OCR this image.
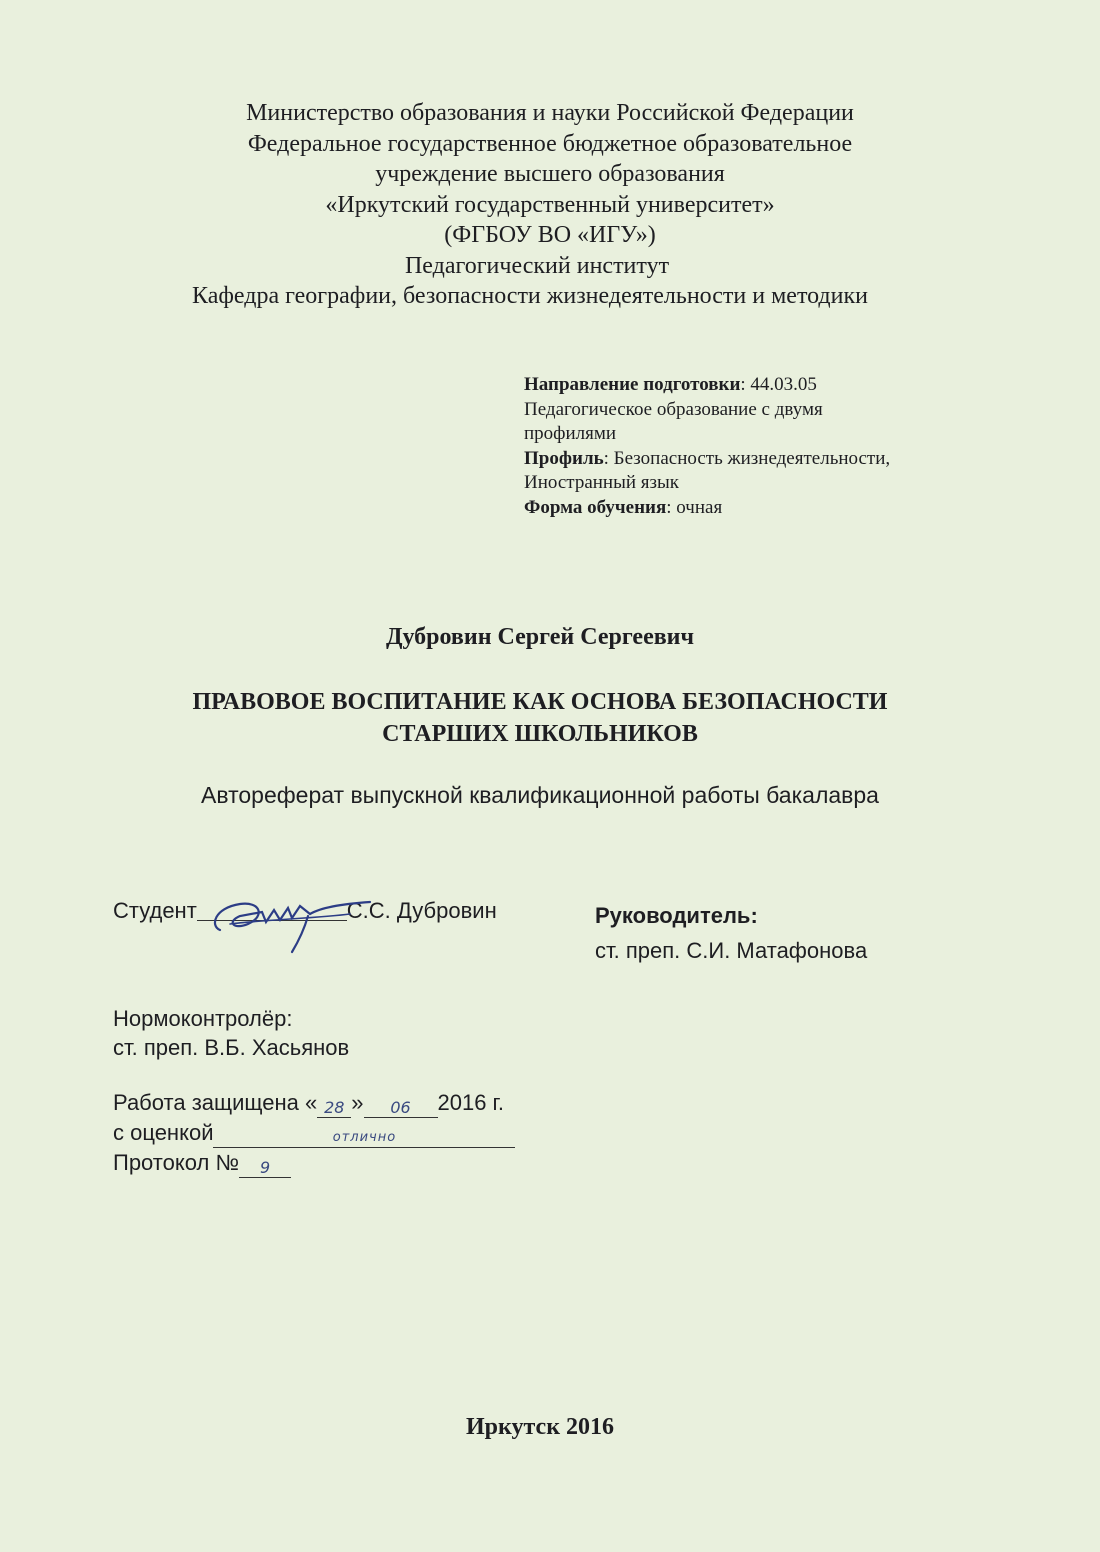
Министерство образования и науки Российской Федерации
Федеральное государственное бюджетное образовательное
учреждение высшего образования
«Иркутский государственный университет»
(ФГБОУ ВО «ИГУ»)
Педагогический институт
Кафедра географии, безопасности жизнедеятельности и методики
Направление подготовки: 44.03.05
Педагогическое образование с двумя
профилями
Профиль: Безопасность жизнедеятельности,
Иностранный язык
Форма обучения: очная
Дубровин Сергей Сергеевич
ПРАВОВОЕ ВОСПИТАНИЕ КАК ОСНОВА БЕЗОПАСНОСТИ
СТАРШИХ ШКОЛЬНИКОВ
Автореферат выпускной квалификационной работы бакалавра
Студент	С.С. Дубровин	Руководитель:
ст. преп. С.И. Матафонова
Нормоконтролёр:
ст. преп. В.Б. Хасьянов
Работа защищена « 28 » 06 2016 г.
с оценкой	отлично
Протокол № 9
Иркутск 2016
